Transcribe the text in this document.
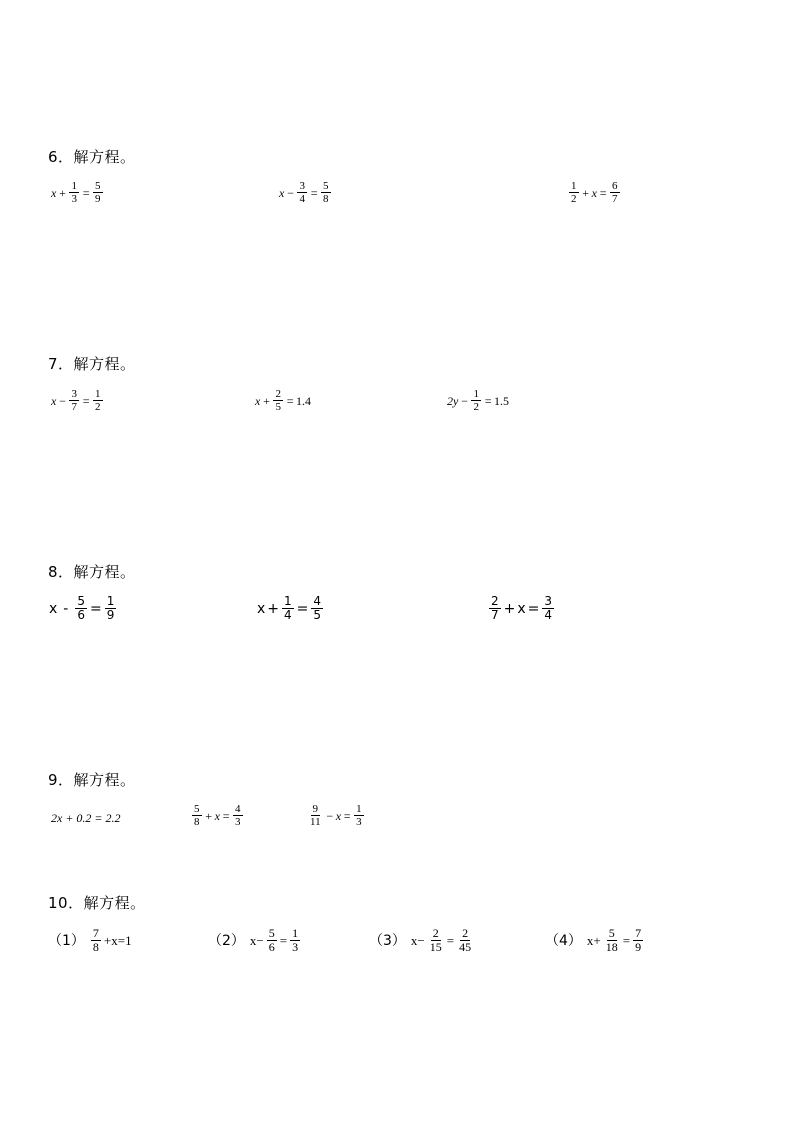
6．解方程。
$x + \frac{1}{3} = \frac{5}{9}$	$x - \frac{3}{4} = \frac{5}{8}$	$\frac{1}{2} + x = \frac{6}{7}$
7．解方程。
$x - \frac{3}{7} = \frac{1}{2}$	$x + \frac{2}{5} = 1.4$	$2y - \frac{1}{2} = 1.5$
8．解方程。
$x - \frac{5}{6} = \frac{1}{9}$	$x + \frac{1}{4} = \frac{4}{5}$	$\frac{2}{7} + x = \frac{3}{4}$
9．解方程。
2x + 0.2 = 2.2	$\frac{5}{8} + x = \frac{4}{3}$	$\frac{9}{11} - x = \frac{1}{3}$
10．解方程。
$(1) \frac{7}{8} +x=1$	（2） $x- \frac{5}{6} = \frac{1}{3}$	（3） $x- \frac{2}{15} = \frac{2}{45}$	（4） $x+ \frac{5}{18} = \frac{7}{9}$
